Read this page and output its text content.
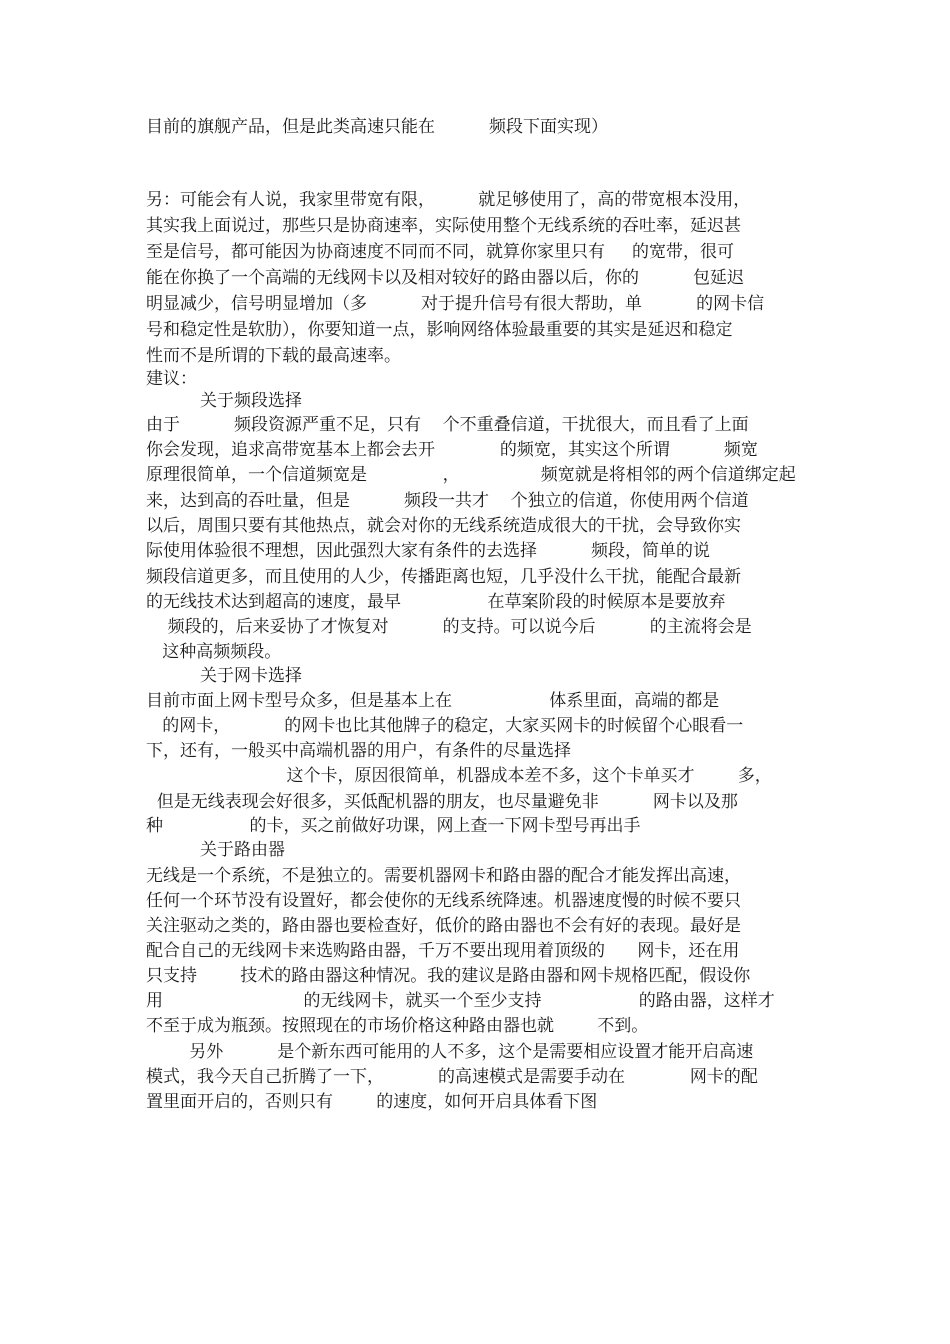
目前的旗舰产品，但是此类高速只能在          频段下面实现）
另：可能会有人说，我家里带宽有限，        就足够使用了，高的带宽根本没用，
其实我上面说过，那些只是协商速率，实际使用整个无线系统的吞吐率，延迟甚
至是信号，都可能因为协商速度不同而不同，就算你家里只有     的宽带，很可
能在你换了一个高端的无线网卡以及相对较好的路由器以后，你的          包延迟
明显减少，信号明显增加（多          对于提升信号有很大帮助，单          的网卡信
号和稳定性是软肋），你要知道一点，影响网络体验最重要的其实是延迟和稳定
性而不是所谓的下载的最高速率。
建议：
关于频段选择
由于          频段资源严重不足，只有    个不重叠信道，干扰很大，而且看了上面
你会发现，追求高带宽基本上都会去开            的频宽，其实这个所谓          频宽
原理很简单，一个信道频宽是              ，               频宽就是将相邻的两个信道绑定起
来，达到高的吞吐量，但是          频段一共才    个独立的信道，你使用两个信道
以后，周围只要有其他热点，就会对你的无线系统造成很大的干扰，会导致你实
际使用体验很不理想，因此强烈大家有条件的去选择          频段，简单的说
频段信道更多，而且使用的人少，传播距离也短，几乎没什么干扰，能配合最新
的无线技术达到超高的速度，最早                在草案阶段的时候原本是要放弃
频段的，后来妥协了才恢复对          的支持。可以说今后          的主流将会是
这种高频频段。
关于网卡选择
目前市面上网卡型号众多，但是基本上在                  体系里面，高端的都是
的网卡，          的网卡也比其他牌子的稳定，大家买网卡的时候留个心眼看一
下，还有，一般买中高端机器的用户，有条件的尽量选择
这个卡，原因很简单，机器成本差不多，这个卡单买才        多，
但是无线表现会好很多，买低配机器的朋友，也尽量避免非          网卡以及那
种                的卡，买之前做好功课，网上查一下网卡型号再出手
关于路由器
无线是一个系统，不是独立的。需要机器网卡和路由器的配合才能发挥出高速，
任何一个环节没有设置好，都会使你的无线系统降速。机器速度慢的时候不要只
关注驱动之类的，路由器也要检查好，低价的路由器也不会有好的表现。最好是
配合自己的无线网卡来选购路由器，千万不要出现用着顶级的      网卡，还在用
只支持        技术的路由器这种情况。我的建议是路由器和网卡规格匹配，假设你
用                          的无线网卡，就买一个至少支持                  的路由器，这样才
不至于成为瓶颈。按照现在的市场价格这种路由器也就        不到。
另外          是个新东西可能用的人不多，这个是需要相应设置才能开启高速
模式，我今天自己折腾了一下，          的高速模式是需要手动在            网卡的配
置里面开启的，否则只有        的速度，如何开启具体看下图
